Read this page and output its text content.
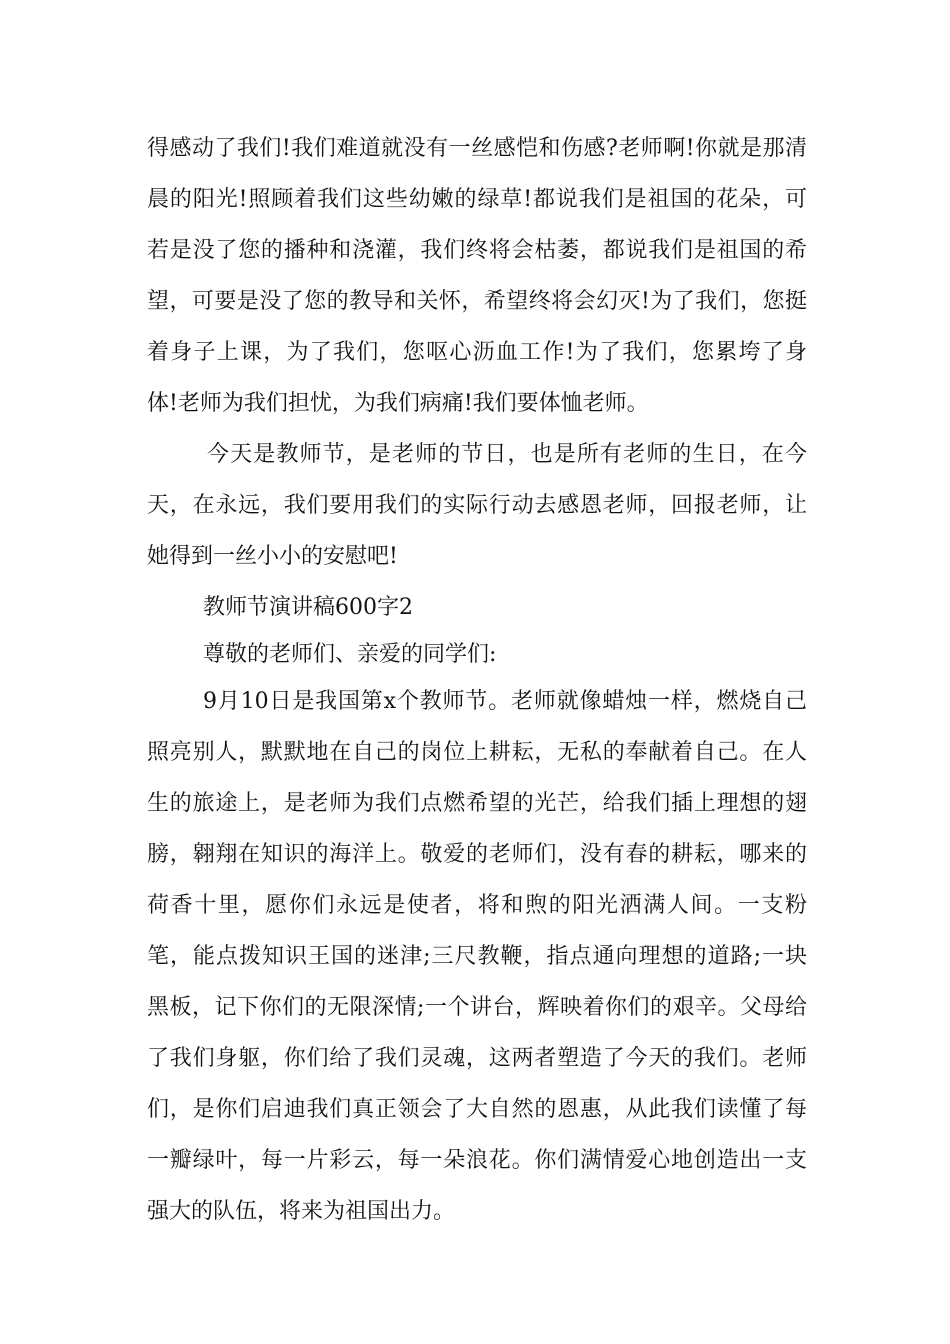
得感动了我们!我们难道就没有一丝感恺和伤感?老师啊!你就是那清
晨的阳光!照顾着我们这些幼嫩的绿草!都说我们是祖国的花朵，可
若是没了您的播种和浇灌，我们终将会枯萎，都说我们是祖国的希
望，可要是没了您的教导和关怀，希望终将会幻灭!为了我们，您挺
着身子上课，为了我们，您呕心沥血工作!为了我们，您累垮了身
体!老师为我们担忧，为我们病痛!我们要体恤老师。
今天是教师节，是老师的节日，也是所有老师的生日，在今
天，在永远，我们要用我们的实际行动去感恩老师，回报老师，让
她得到一丝小小的安慰吧!
教师节演讲稿600字2
尊敬的老师们、亲爱的同学们:
9月10日是我国第x个教师节。老师就像蜡烛一样，燃烧自己
照亮别人，默默地在自己的岗位上耕耘，无私的奉献着自己。在人
生的旅途上，是老师为我们点燃希望的光芒，给我们插上理想的翅
膀，翱翔在知识的海洋上。敬爱的老师们，没有春的耕耘，哪来的
荷香十里，愿你们永远是使者，将和煦的阳光洒满人间。一支粉
笔，能点拨知识王国的迷津;三尺教鞭，指点通向理想的道路;一块
黑板，记下你们的无限深情;一个讲台，辉映着你们的艰辛。父母给
了我们身躯，你们给了我们灵魂，这两者塑造了今天的我们。老师
们，是你们启迪我们真正领会了大自然的恩惠，从此我们读懂了每
一瓣绿叶，每一片彩云，每一朵浪花。你们满情爱心地创造出一支
强大的队伍，将来为祖国出力。
